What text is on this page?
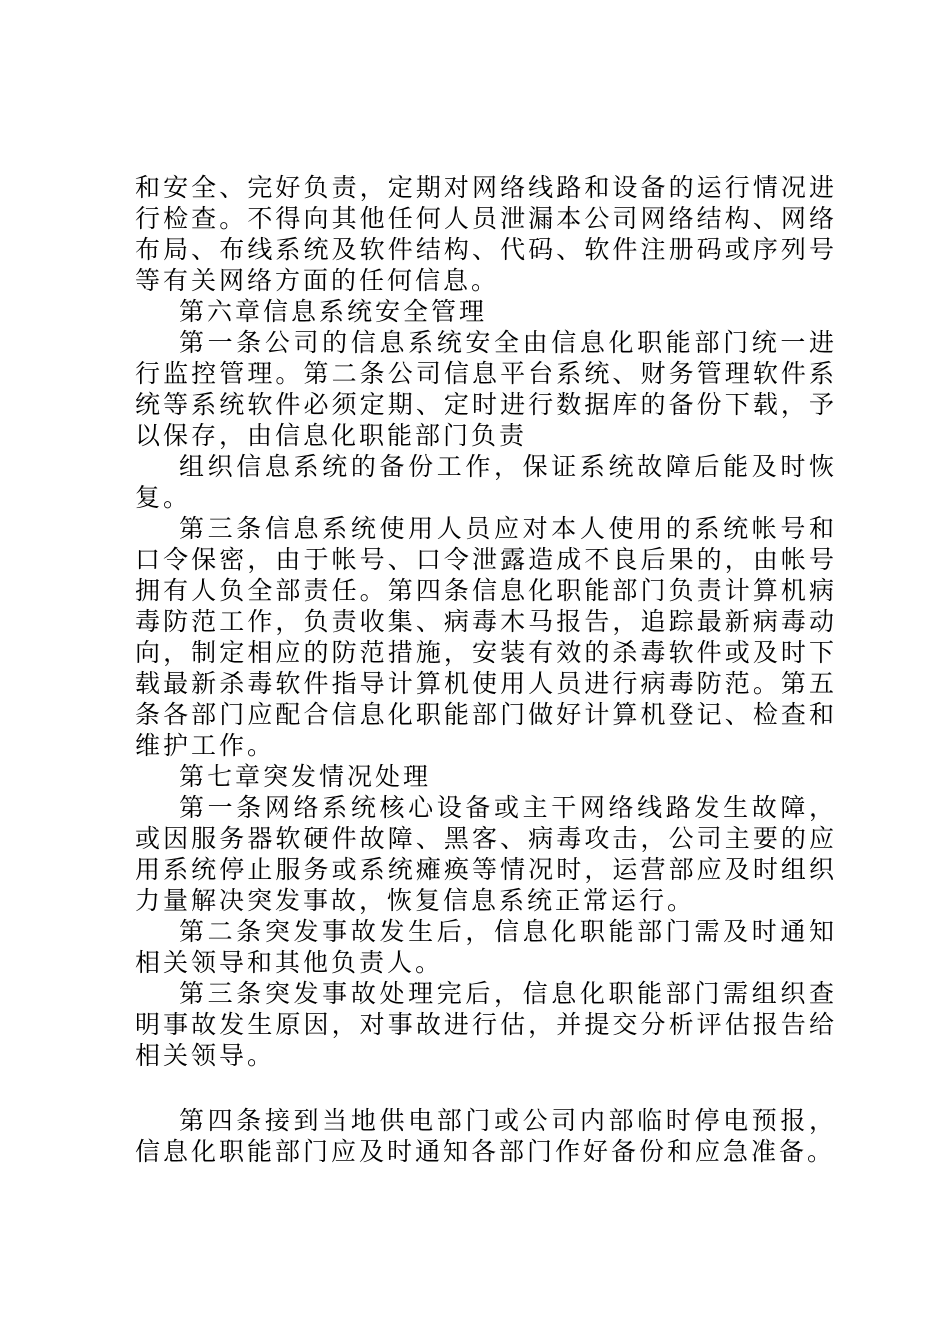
和安全、完好负责，定期对网络线路和设备的运行情况进行检查。不得向其他任何人员泄漏本公司网络结构、网络布局、布线系统及软件结构、代码、软件注册码或序列号等有关网络方面的任何信息。

第六章信息系统安全管理

第一条公司的信息系统安全由信息化职能部门统一进行监控管理。第二条公司信息平台系统、财务管理软件系统等系统软件必须定期、定时进行数据库的备份下载，予以保存，由信息化职能部门负责

组织信息系统的备份工作，保证系统故障后能及时恢复。

第三条信息系统使用人员应对本人使用的系统帐号和口令保密，由于帐号、口令泄露造成不良后果的，由帐号拥有人负全部责任。第四条信息化职能部门负责计算机病毒防范工作，负责收集、病毒木马报告，追踪最新病毒动向，制定相应的防范措施，安装有效的杀毒软件或及时下载最新杀毒软件指导计算机使用人员进行病毒防范。第五条各部门应配合信息化职能部门做好计算机登记、检查和维护工作。

第七章突发情况处理

第一条网络系统核心设备或主干网络线路发生故障，或因服务器软硬件故障、黑客、病毒攻击，公司主要的应用系统停止服务或系统瘫痪等情况时，运营部应及时组织力量解决突发事故，恢复信息系统正常运行。

第二条突发事故发生后，信息化职能部门需及时通知相关领导和其他负责人。

第三条突发事故处理完后，信息化职能部门需组织查明事故发生原因，对事故进行估，并提交分析评估报告给相关领导。

第四条接到当地供电部门或公司内部临时停电预报，信息化职能部门应及时通知各部门作好备份和应急准备。
